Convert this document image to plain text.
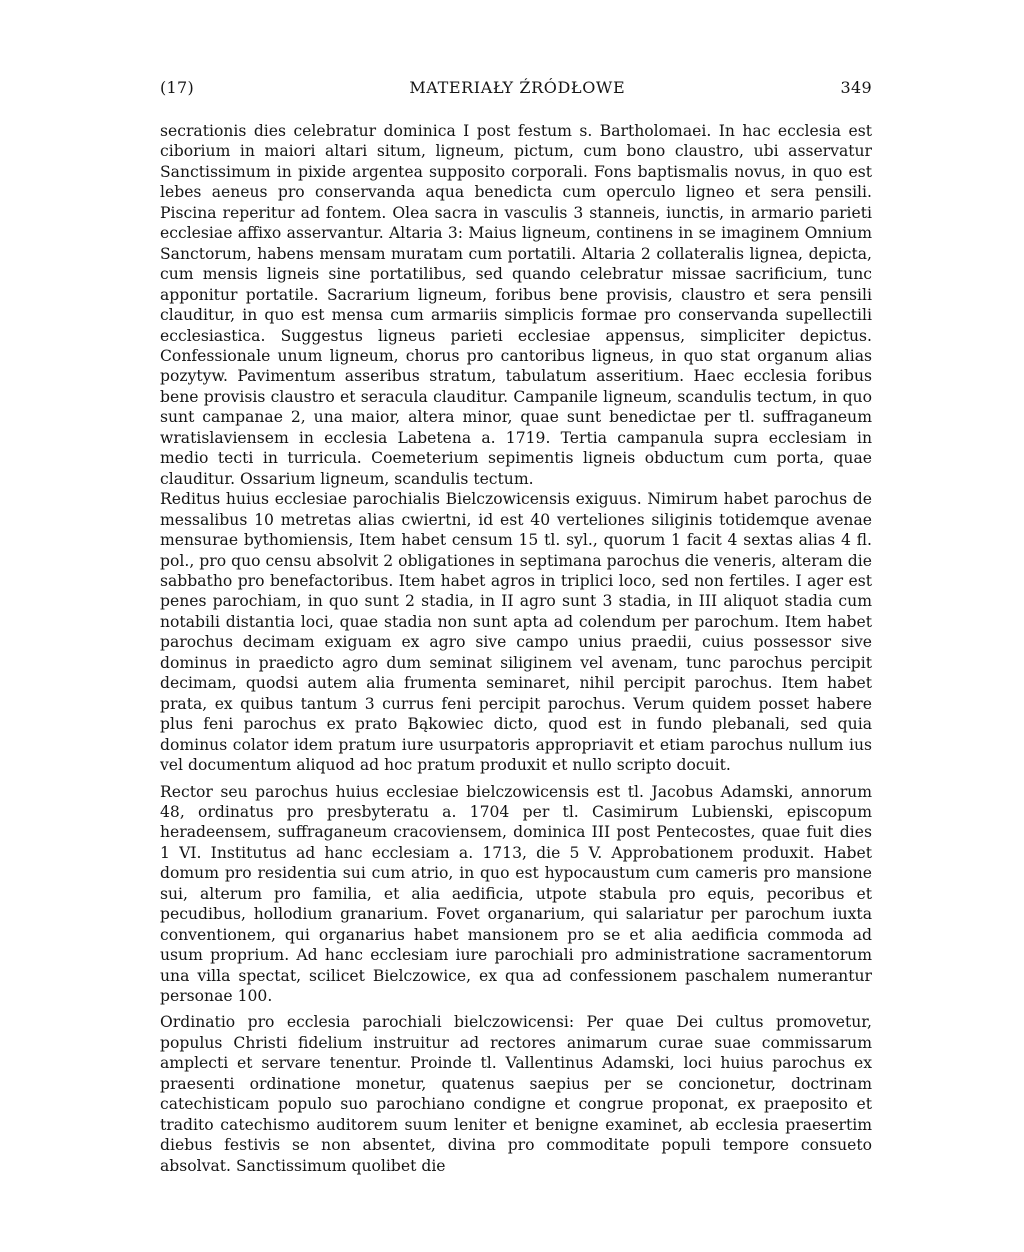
(17)	MATERIAŁY ŹRÓDŁOWE	349

secrationis dies celebratur dominica I post festum s. Bartholomaei. In hac ecclesia est ciborium in maiori altari situm, ligneum, pictum, cum bono claustro, ubi asservatur Sanctissimum in pixide argentea supposito corporali. Fons baptismalis novus, in quo est lebes aeneus pro conservanda aqua benedicta cum operculo ligneo et sera pensili. Piscina reperitur ad fontem. Olea sacra in vasculis 3 stanneis, iunctis, in armario parieti ecclesiae affixo asservantur. Altaria 3: Maius ligneum, continens in se imaginem Omnium Sanctorum, habens mensam muratam cum portatili. Altaria 2 collateralis lignea, depicta, cum mensis ligneis sine portatilibus, sed quando celebratur missae sacrificium, tunc apponitur portatile. Sacrarium ligneum, foribus bene provisis, claustro et sera pensili clauditur, in quo est mensa cum armariis simplicis formae pro conservanda supellectili ecclesiastica. Suggestus ligneus parieti ecclesiae appensus, simpliciter depictus. Confessionale unum ligneum, chorus pro cantoribus ligneus, in quo stat organum alias pozytyw. Pavimentum asseribus stratum, tabulatum asseritium. Haec ecclesia foribus bene provisis claustro et seracula clauditur. Campanile ligneum, scandulis tectum, in quo sunt campanae 2, una maior, altera minor, quae sunt benedictae per tl. suffraganeum wratislaviensem in ecclesia Labetena a. 1719. Tertia campanula supra ecclesiam in medio tecti in turricula. Coemeterium sepimentis ligneis obductum cum porta, quae clauditur. Ossarium ligneum, scandulis tectum.

Reditus huius ecclesiae parochialis Bielczowicensis exiguus. Nimirum habet parochus de messalibus 10 metretas alias cwiertni, id est 40 verteliones siliginis totidemque avenae mensurae bythomiensis, Item habet censum 15 tl. syl., quorum 1 facit 4 sextas alias 4 fl. pol., pro quo censu absolvit 2 obligationes in septimana parochus die veneris, alteram die sabbatho pro benefactoribus. Item habet agros in triplici loco, sed non fertiles. I ager est penes parochiam, in quo sunt 2 stadia, in II agro sunt 3 stadia, in III aliquot stadia cum notabili distantia loci, quae stadia non sunt apta ad colendum per parochum. Item habet parochus decimam exiguam ex agro sive campo unius praedii, cuius possessor sive dominus in praedicto agro dum seminat siliginem vel avenam, tunc parochus percipit decimam, quodsi autem alia frumenta seminaret, nihil percipit parochus. Item habet prata, ex quibus tantum 3 currus feni percipit parochus. Verum quidem posset habere plus feni parochus ex prato Bąkowiec dicto, quod est in fundo plebanali, sed quia dominus colator idem pratum iure usurpatoris appropriavit et etiam parochus nullum ius vel documentum aliquod ad hoc pratum produxit et nullo scripto docuit.

Rector seu parochus huius ecclesiae bielczowicensis est tl. Jacobus Adamski, annorum 48, ordinatus pro presbyteratu a. 1704 per tl. Casimirum Lubienski, episcopum heradeensem, suffraganeum cracoviensem, dominica III post Pentecostes, quae fuit dies 1 VI. Institutus ad hanc ecclesiam a. 1713, die 5 V. Approbationem produxit. Habet domum pro residentia sui cum atrio, in quo est hypocaustum cum cameris pro mansione sui, alterum pro familia, et alia aedificia, utpote stabula pro equis, pecoribus et pecudibus, hollodium granarium. Fovet organarium, qui salariatur per parochum iuxta conventionem, qui organarius habet mansionem pro se et alia aedificia commoda ad usum proprium. Ad hanc ecclesiam iure parochiali pro administratione sacramentorum una villa spectat, scilicet Bielczowice, ex qua ad confessionem paschalem numerantur personae 100.

Ordinatio pro ecclesia parochiali bielczowicensi: Per quae Dei cultus promovetur, populus Christi fidelium instruitur ad rectores animarum curae suae commissarum amplecti et servare tenentur. Proinde tl. Vallentinus Adamski, loci huius parochus ex praesenti ordinatione monetur, quatenus saepius per se concionetur, doctrinam catechisticam populo suo parochiano condigne et congrue proponat, ex praeposito et tradito catechismo auditorem suum leniter et benigne examinet, ab ecclesia praesertim diebus festivis se non absentet, divina pro commoditate populi tempore consueto absolvat. Sanctissimum quolibet die
